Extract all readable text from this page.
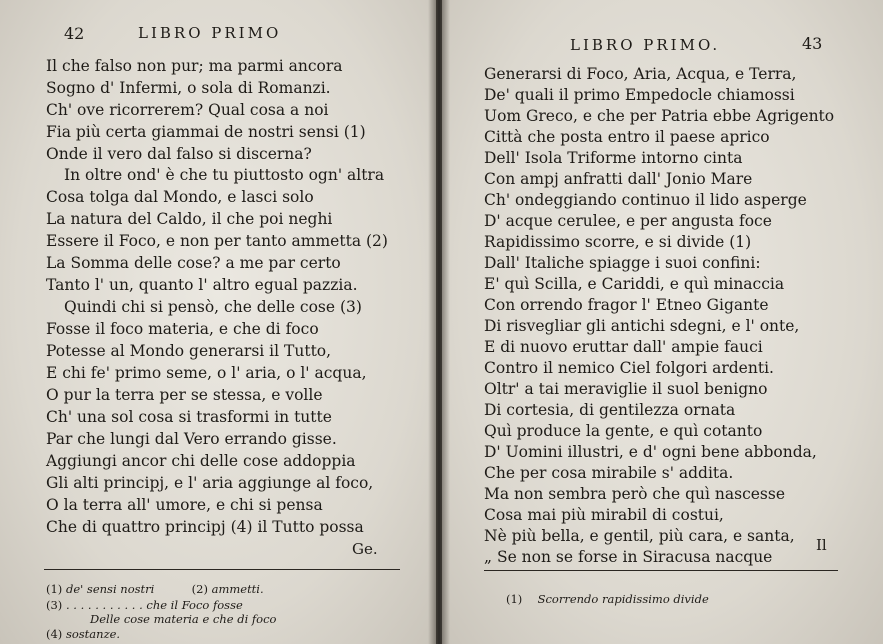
42	LIBRO PRIMO
Il che falso non pur; ma parmi ancora
Sogno d' Infermi, o sola di Romanzi.
Ch' ove ricorrerem? Qual cosa a noi
Fia più certa giammai de nostri sensi (1)
Onde il vero dal falso si discerna?
In oltre ond' è che tu piuttosto ogn' altra
Cosa tolga dal Mondo, e lasci solo
La natura del Caldo, il che poi neghi
Essere il Foco, e non per tanto ammetta (2)
La Somma delle cose? a me par certo
Tanto l' un, quanto l' altro egual pazzia.
Quindi chi si pensò, che delle cose (3)
Fosse il foco materia, e che di foco
Potesse al Mondo generarsi il Tutto,
E chi fe' primo seme, o l' aria, o l' acqua,
O pur la terra per se stessa, e volle
Ch' una sol cosa si trasformi in tutte
Par che lungi dal Vero errando gisse.
Aggiungi ancor chi delle cose addoppia
Gli alti principj, e l' aria aggiunge al foco,
O la terra all' umore, e chi si pensa
Che di quattro principj (4) il Tutto possa
Ge.
(1) de' sensi nostri	(2) ammetti.
(3) . . . . . . . . . . . che il Foco fosse
Delle cose materia e che di foco
(4) sostanze.
LIBRO PRIMO.	43
Generarsi di Foco, Aria, Acqua, e Terra,
De' quali il primo Empedocle chiamossi
Uom Greco, e che per Patria ebbe Agrigento
Città che posta entro il paese aprico
Dell' Isola Triforme intorno cinta
Con ampj anfratti dall' Jonio Mare
Ch' ondeggiando continuo il lido asperge
D' acque cerulee, e per angusta foce
Rapidissimo scorre, e si divide (1)
Dall' Italiche spiagge i suoi confini:
E' quì Scilla, e Cariddi, e quì minaccia
Con orrendo fragor l' Etneo Gigante
Di risvegliar gli antichi sdegni, e l' onte,
E di nuovo eruttar dall' ampie fauci
Contro il nemico Ciel folgori ardenti.
Oltr' a tai meraviglie il suol benigno
Di cortesia, di gentilezza ornata
Quì produce la gente, e quì cotanto
D' Uomini illustri, e d' ogni bene abbonda,
Che per cosa mirabile s' addita.
Ma non sembra però che quì nascesse
Cosa mai più mirabil di costui,
Nè più bella, e gentil, più cara, e santa,
„ Se non se forse in Siracusa nacque
Il
(1) Scorrendo rapidissimo divide
